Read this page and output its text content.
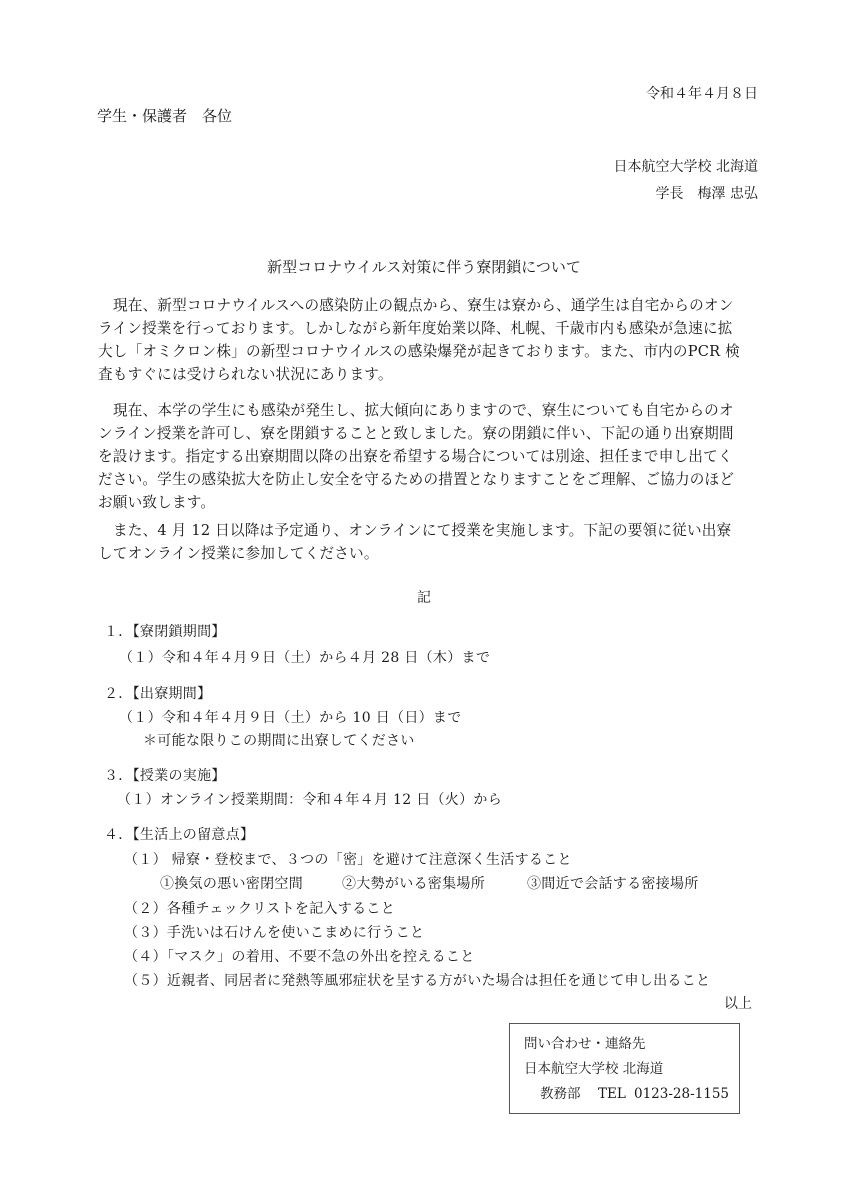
令和４年４月８日
学生・保護者　各位
日本航空大学校 北海道
学長　梅澤 忠弘
新型コロナウイルス対策に伴う寮閉鎖について
現在、新型コロナウイルスへの感染防止の観点から、寮生は寮から、通学生は自宅からのオン
ライン授業を行っております。しかしながら新年度始業以降、札幌、千歳市内も感染が急速に拡
大し「オミクロン株」の新型コロナウイルスの感染爆発が起きております。また、市内のPCR 検
査もすぐには受けられない状況にあります。
現在、本学の学生にも感染が発生し、拡大傾向にありますので、寮生についても自宅からのオ
ンライン授業を許可し、寮を閉鎖することと致しました。寮の閉鎖に伴い、下記の通り出寮期間
を設けます。指定する出寮期間以降の出寮を希望する場合については別途、担任まで申し出てく
ださい。学生の感染拡大を防止し安全を守るための措置となりますことをご理解、ご協力のほど
お願い致します。
また、4 月 12 日以降は予定通り、オンラインにて授業を実施します。下記の要領に従い出寮
してオンライン授業に参加してください。
記
１．【寮閉鎖期間】
（１）令和４年４月９日（土）から４月 28 日（木）まで
２．【出寮期間】
（１）令和４年４月９日（土）から 10 日（日）まで
＊可能な限りこの期間に出寮してください
３．【授業の実施】
（１）オンライン授業期間：令和４年４月 12 日（火）から
４．【生活上の留意点】
（１） 帰寮・登校まで、３つの「密」を避けて注意深く生活すること
①換気の悪い密閉空間	②大勢がいる密集場所	③間近で会話する密接場所
（２）各種チェックリストを記入すること
（３）手洗いは石けんを使いこまめに行うこと
（４）「マスク」の着用、不要不急の外出を控えること
（５）近親者、同居者に発熱等風邪症状を呈する方がいた場合は担任を通じて申し出ること
以上
問い合わせ・連絡先
日本航空大学校 北海道
教務部 TEL 0123-28-1155
